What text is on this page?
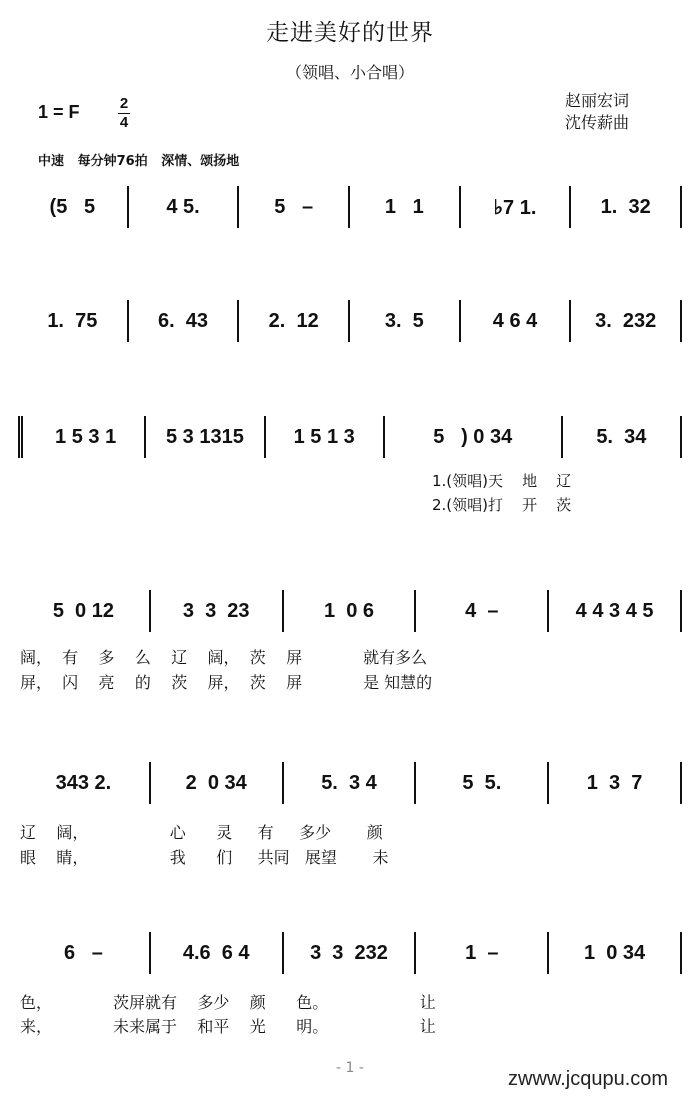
走进美好的世界
（领唱、小合唱）
1 = F	2
4
赵丽宏词
沈传薪曲
中速   每分钟76拍   深情、颂扬地
(5   5	4 5.	5   –	1   1	♭7 1.	1.  32
1.  75	6.  43	2.  12	3.  5	4 6 4	3.  232
1 5 3 1	5 3 1315	1 5 1 3	5   ) 0 34	5.  34
1.(领唱)天    地    辽
2.(领唱)打    开    茨
5  0 12	3  3  23	1  0 6	4  –	4 4 3 4 5
阔，  有    多    么    辽    阔，  茨    屏            就有多么
屏，  闪    亮    的    茨    屏，  茨    屏            是 知慧的
343 2.	2  0 34	5.  3 4	5  5.	1  3  7
辽    阔，                心      灵     有     多少       颜
眼    睛，                我      们     共同   展望       未
6   –	4.6  6 4	3  3  232	1  –	1  0 34
色，            茨屏就有    多少    颜      色。                  让
来，            未来属于    和平    光      明。                  让
- 1 -	zwww.jcqupu.com
